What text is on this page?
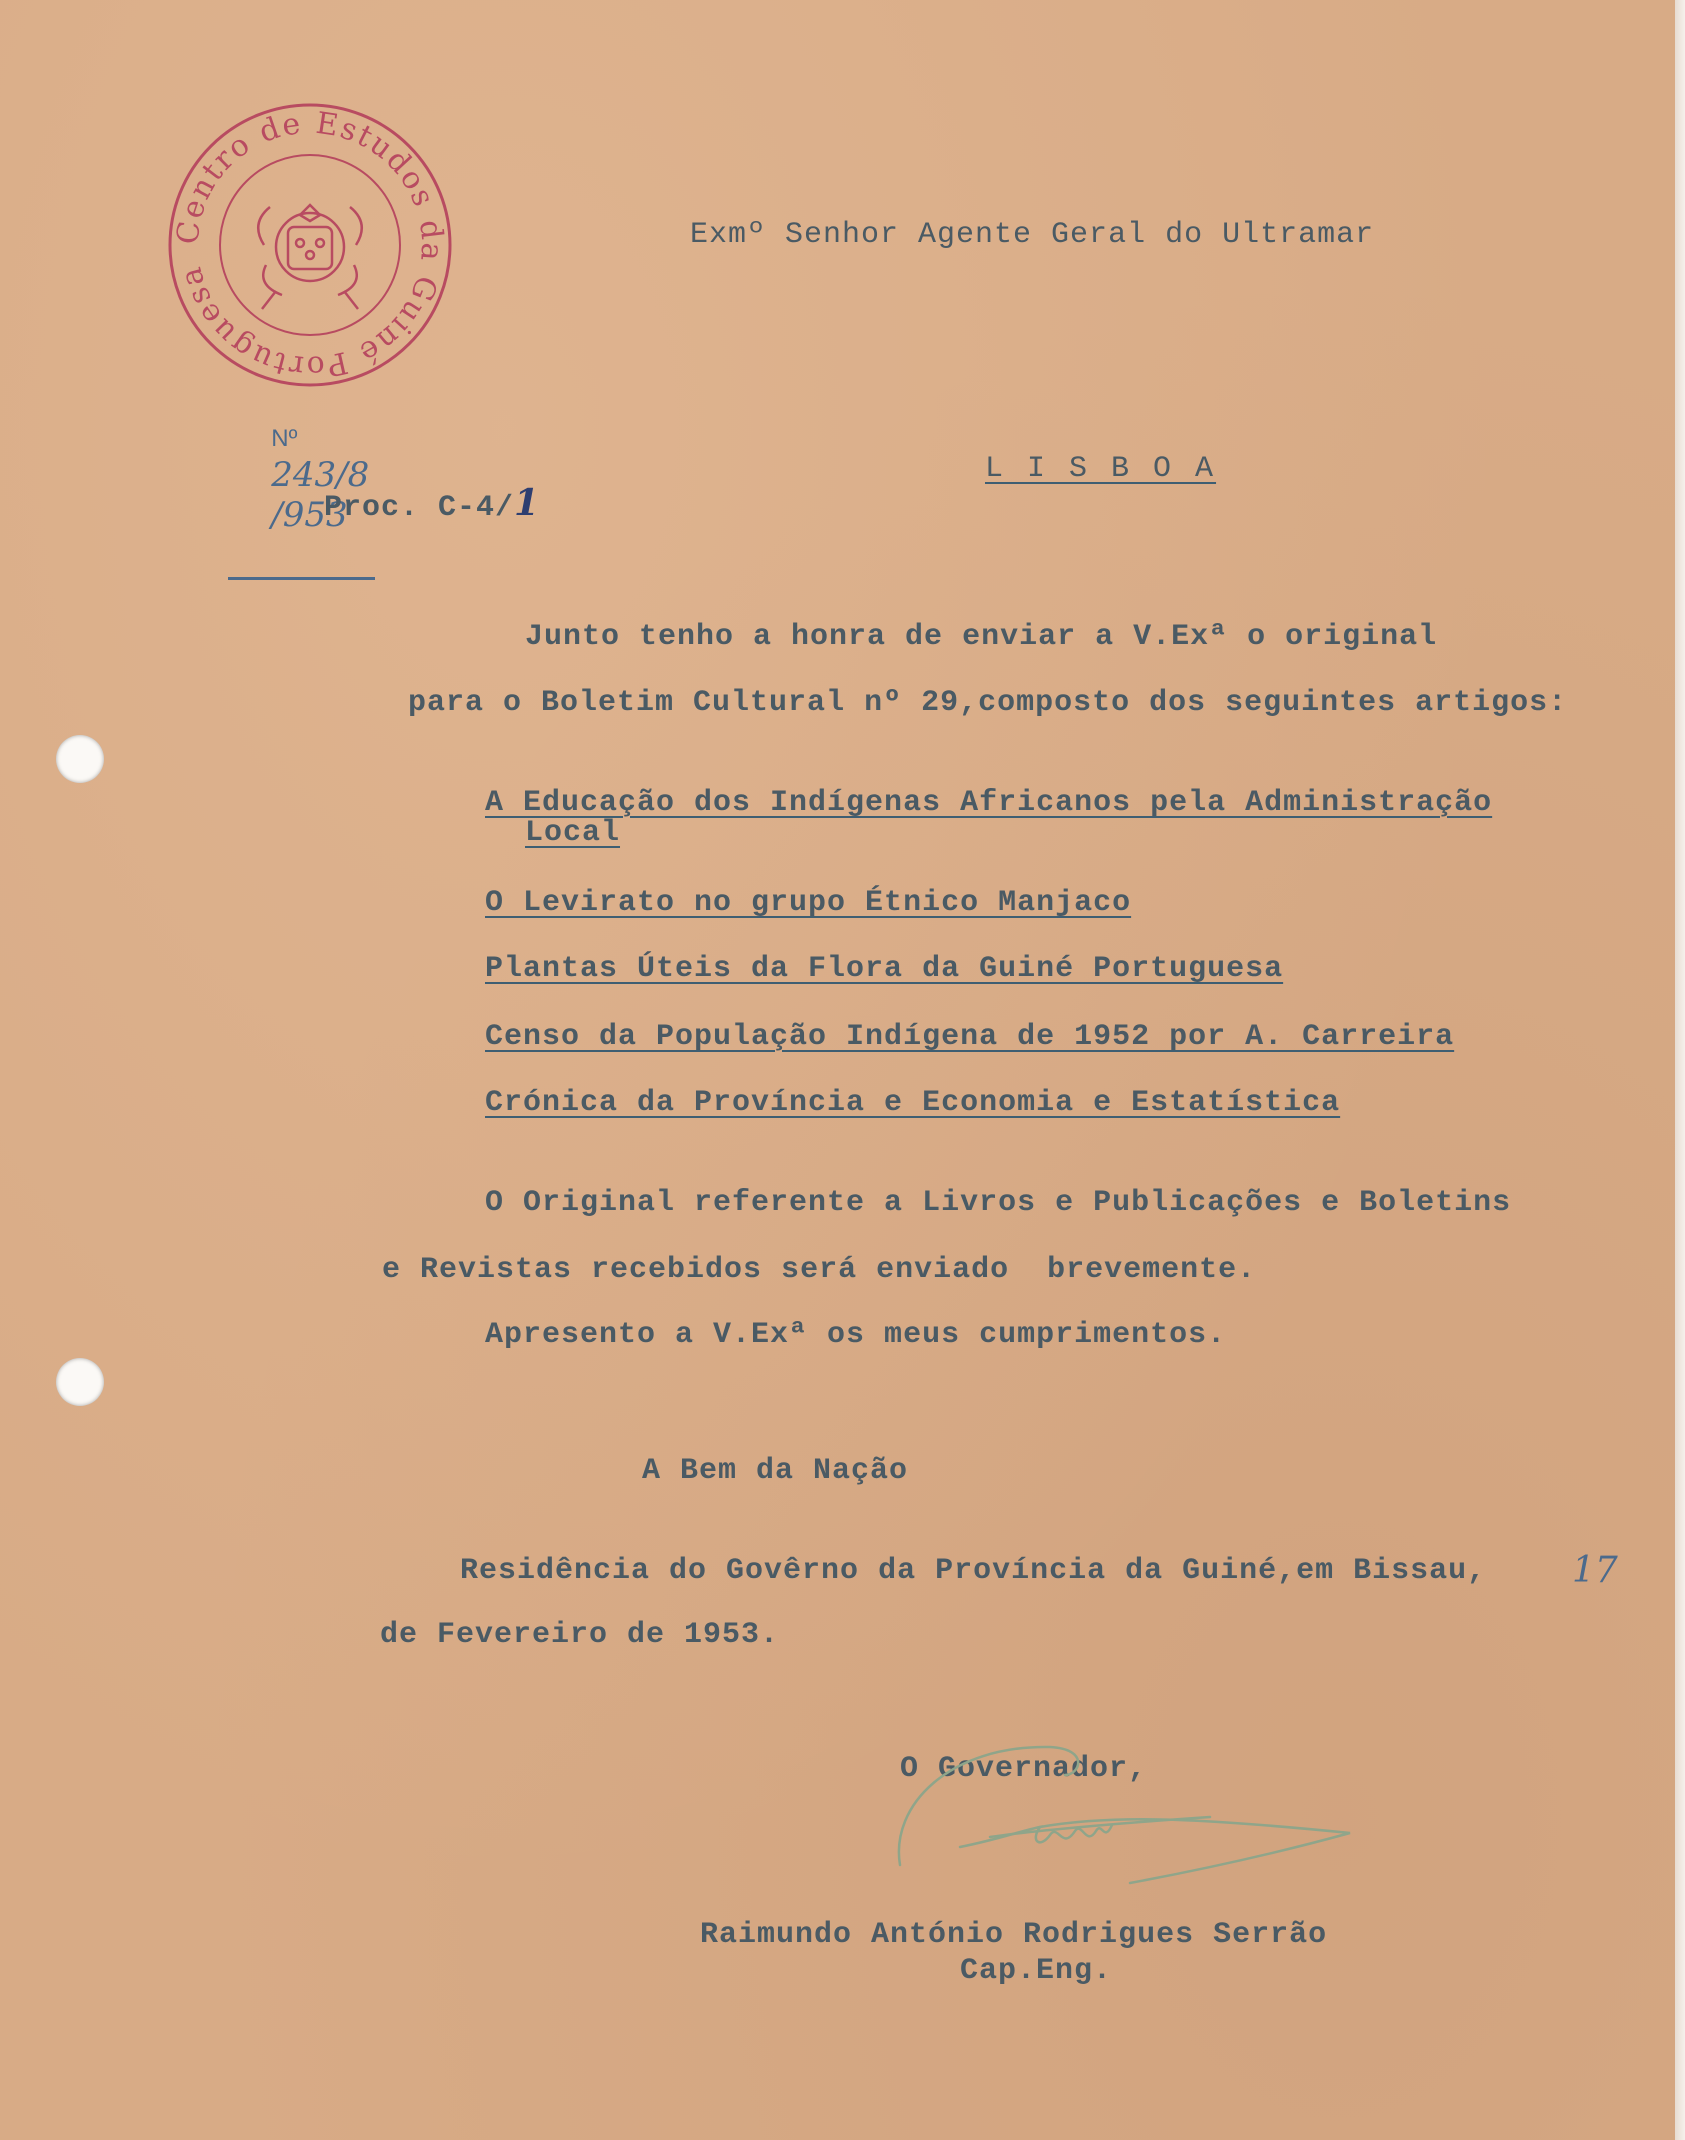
Centro de Estudos da Guiné Portuguesa

Nº
243/8
/953

Proc. C-4/1

Exmº Senhor Agente Geral do Ultramar
L I S B O A
Junto tenho a honra de enviar a V.Exª o original
para o Boletim Cultural nº 29,composto dos seguintes artigos:
A Educação dos Indígenas Africanos pela Administração
Local
O Levirato no grupo Étnico Manjaco
Plantas Úteis da Flora da Guiné Portuguesa
Censo da População Indígena de 1952 por A. Carreira
Crónica da Província e Economia e Estatística
O Original referente a Livros e Publicações e Boletins
e Revistas recebidos será enviado  brevemente.
Apresento a V.Exª os meus cumprimentos.
A Bem da Nação
Residência do Govêrno da Província da Guiné,em Bissau, 17
de Fevereiro de 1953.
O Governador,
Raimundo António Rodrigues Serrão
Cap.Eng.
